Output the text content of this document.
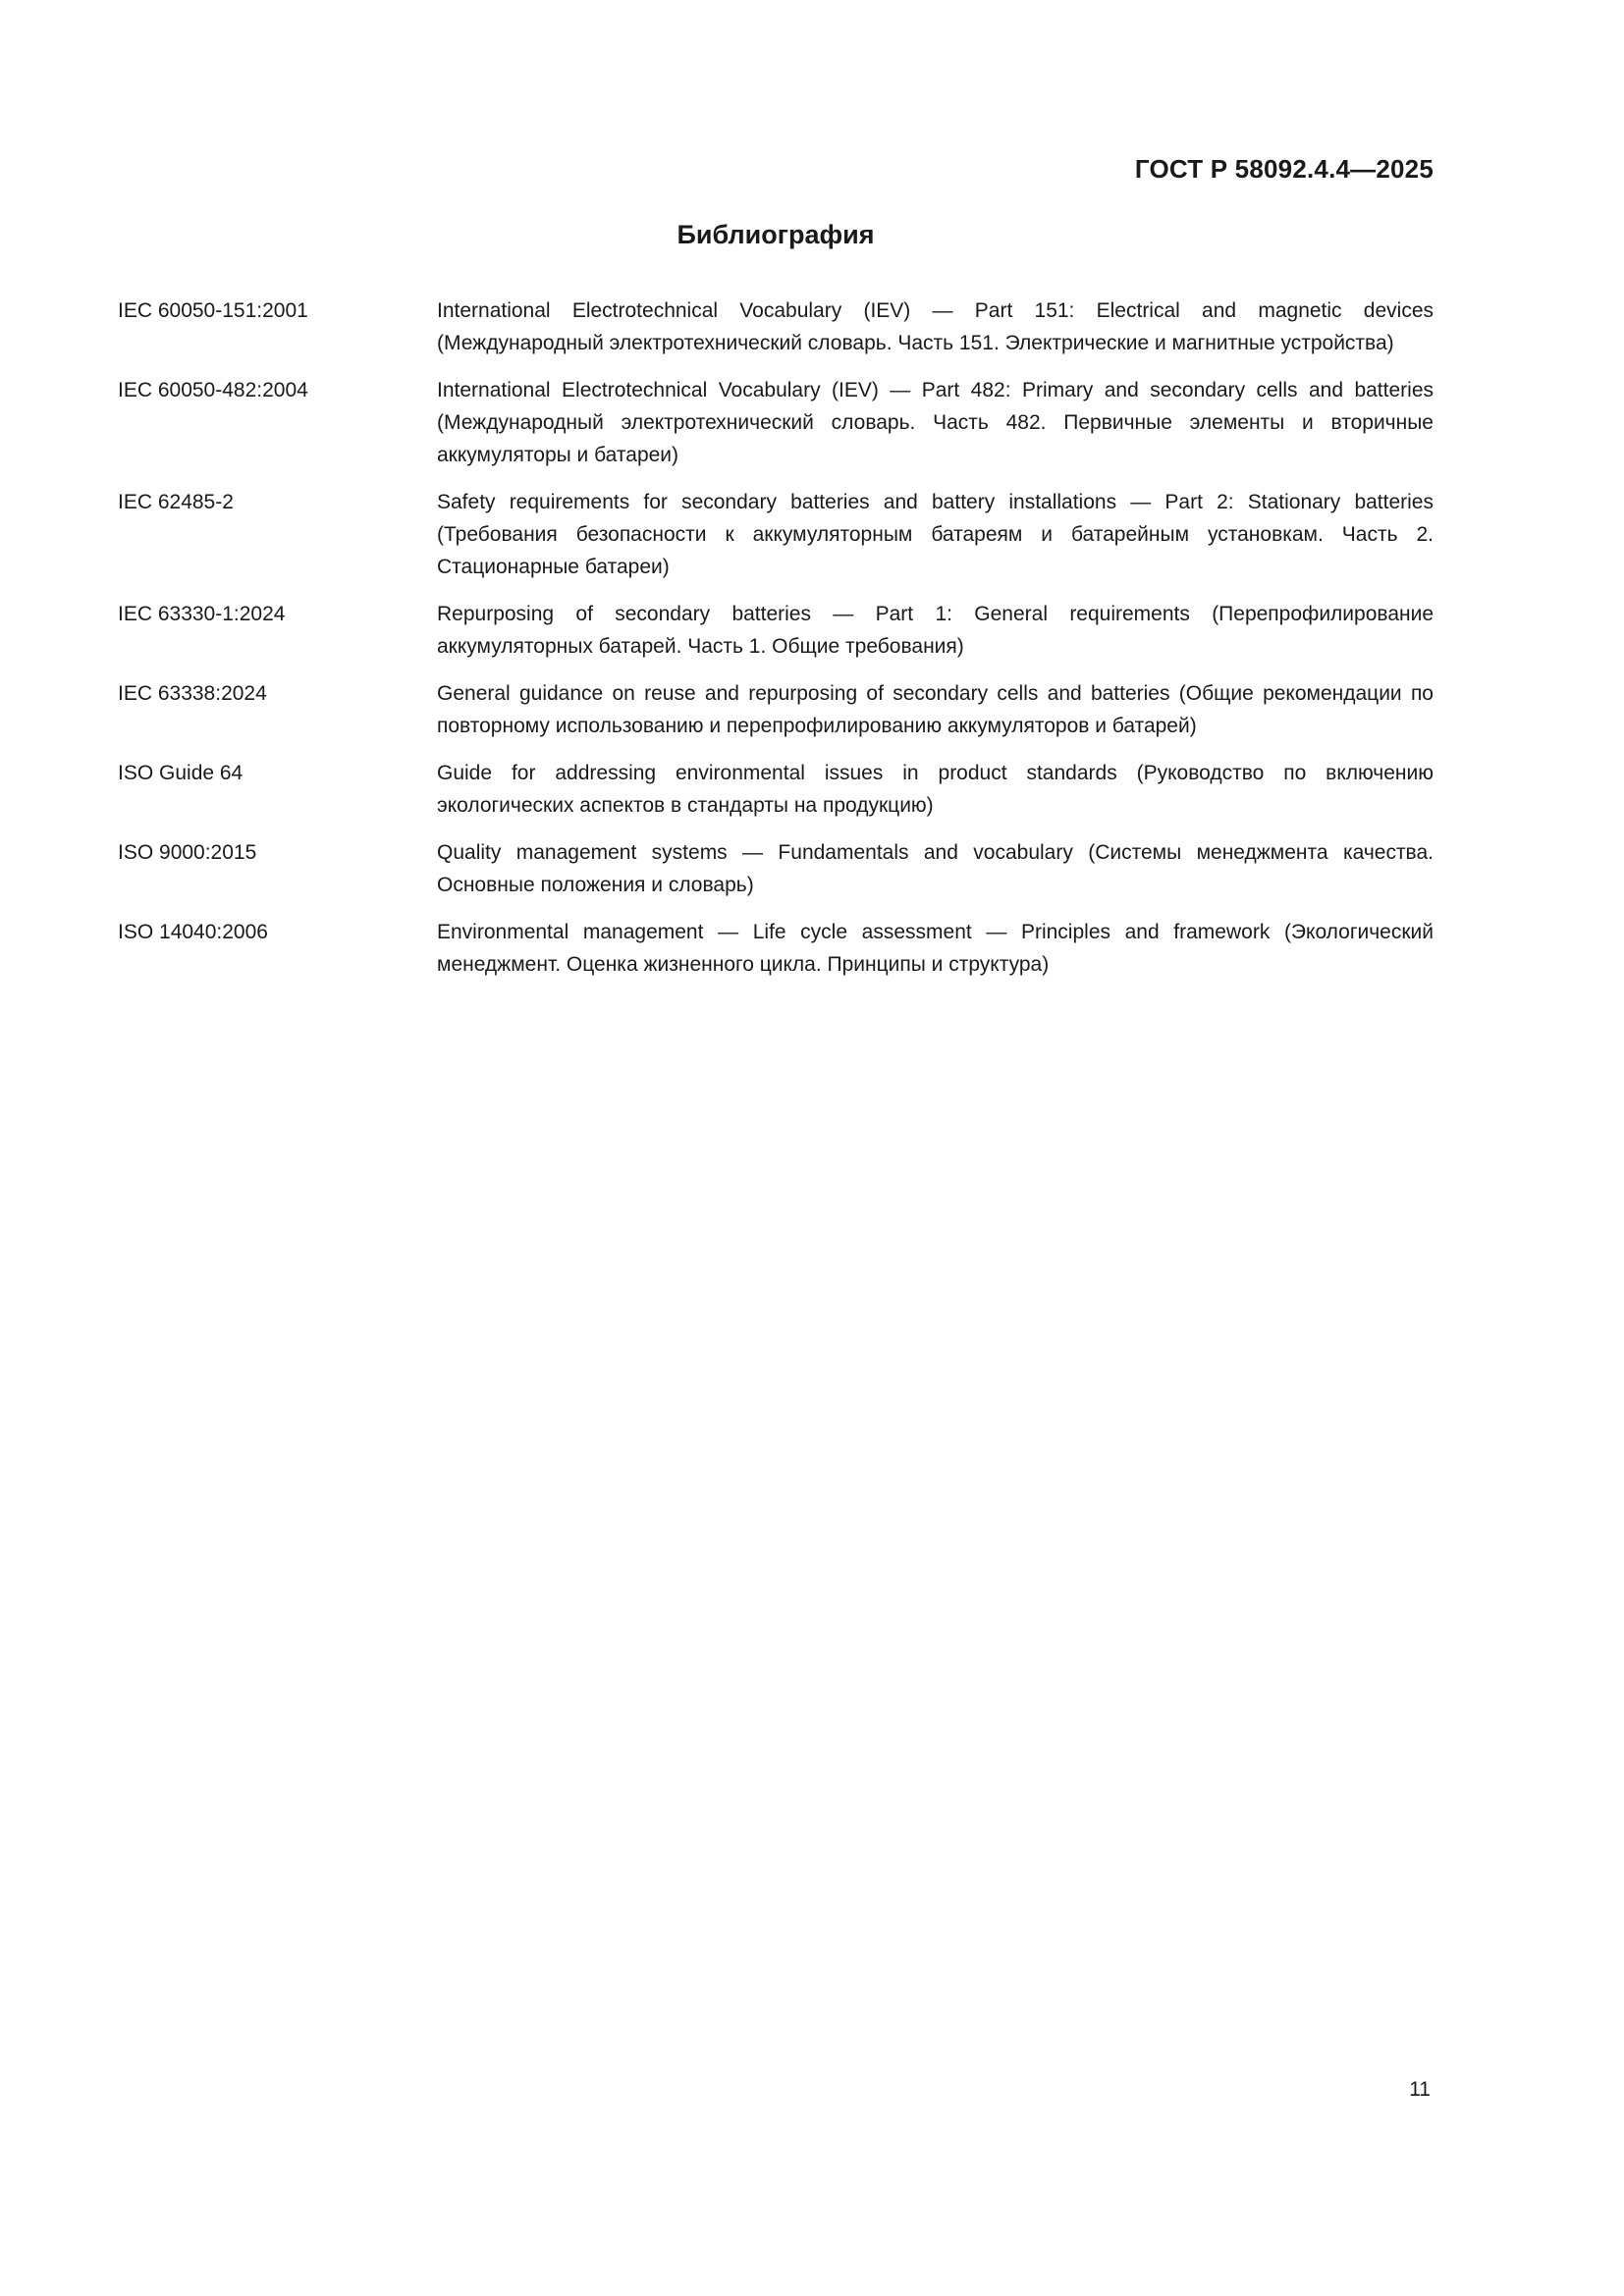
ГОСТ Р 58092.4.4—2025
Библиография
IEC 60050-151:2001	International Electrotechnical Vocabulary (IEV) — Part 151: Electrical and magnetic devices (Международный электротехнический словарь. Часть 151. Электрические и магнитные устройства)
IEC 60050-482:2004	International Electrotechnical Vocabulary (IEV) — Part 482: Primary and secondary cells and batteries (Международный электротехнический словарь. Часть 482. Первичные элементы и вторичные аккумуляторы и батареи)
IEC 62485-2	Safety requirements for secondary batteries and battery installations — Part 2: Stationary batteries (Требования безопасности к аккумуляторным батареям и батарейным установкам. Часть 2. Стационарные батареи)
IEC 63330-1:2024	Repurposing of secondary batteries — Part 1: General requirements (Перепрофилирование аккумуляторных батарей. Часть 1. Общие требования)
IEC 63338:2024	General guidance on reuse and repurposing of secondary cells and batteries (Общие рекомендации по повторному использованию и перепрофилированию аккумуляторов и батарей)
ISO Guide 64	Guide for addressing environmental issues in product standards (Руководство по включению экологических аспектов в стандарты на продукцию)
ISO 9000:2015	Quality management systems — Fundamentals and vocabulary (Системы менеджмента качества. Основные положения и словарь)
ISO 14040:2006	Environmental management — Life cycle assessment — Principles and framework (Экологический менеджмент. Оценка жизненного цикла. Принципы и структура)
11
